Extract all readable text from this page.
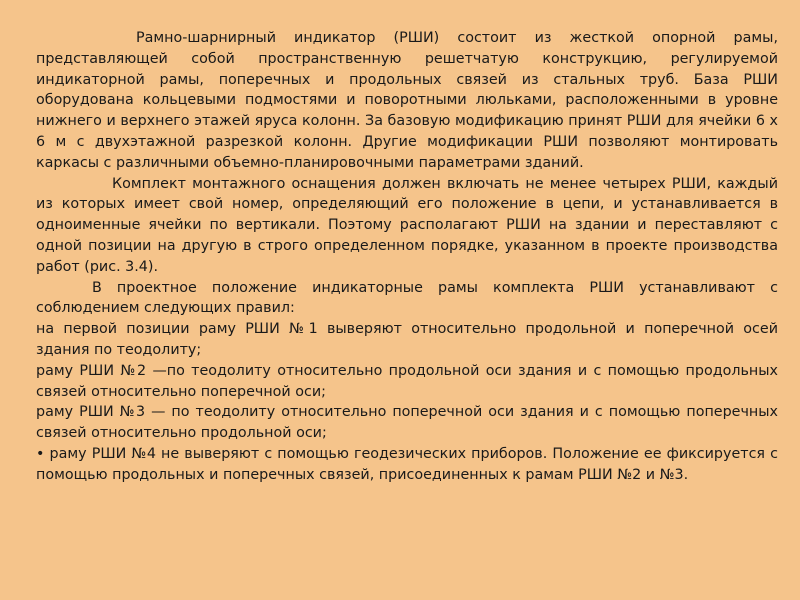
Рамно-шарнирный индикатор (РШИ) состоит из жесткой опорной рамы, представляющей собой пространственную решетчатую конструкцию, регулируемой индикаторной рамы, поперечных и продольных связей из стальных труб. База РШИ оборудована кольцевыми подмостями и поворотными люльками, расположенными в уровне нижнего и верхнего этажей яруса колонн. За базовую модификацию принят РШИ для ячейки 6 х 6 м с двухэтажной разрезкой колонн. Другие модификации РШИ позволяют монтировать каркасы с различными объемно-планировочными параметрами зданий.

Комплект монтажного оснащения должен включать не менее четырех РШИ, каждый из которых имеет свой номер, определяющий его положение в цепи, и устанавливается в одноименные ячейки по вертикали. Поэтому располагают РШИ на здании и переставляют с одной позиции на другую в строго определенном порядке, указанном в проекте производства работ (рис. 3.4).

В проектное положение индикаторные рамы комплекта РШИ устанавливают с соблюдением следующих правил:

на первой позиции раму РШИ №1 выверяют относительно продольной и поперечной осей здания по теодолиту;

раму РШИ №2 —по теодолиту относительно продольной оси здания и с помощью продольных связей относительно поперечной оси;

раму РШИ №3 — по теодолиту относительно поперечной оси здания и с помощью поперечных связей относительно продольной оси;

• раму РШИ №4 не выверяют с помощью геодезических приборов. Положение ее фиксируется с помощью продольных и поперечных связей, присоединенных к рамам РШИ №2 и №3.
